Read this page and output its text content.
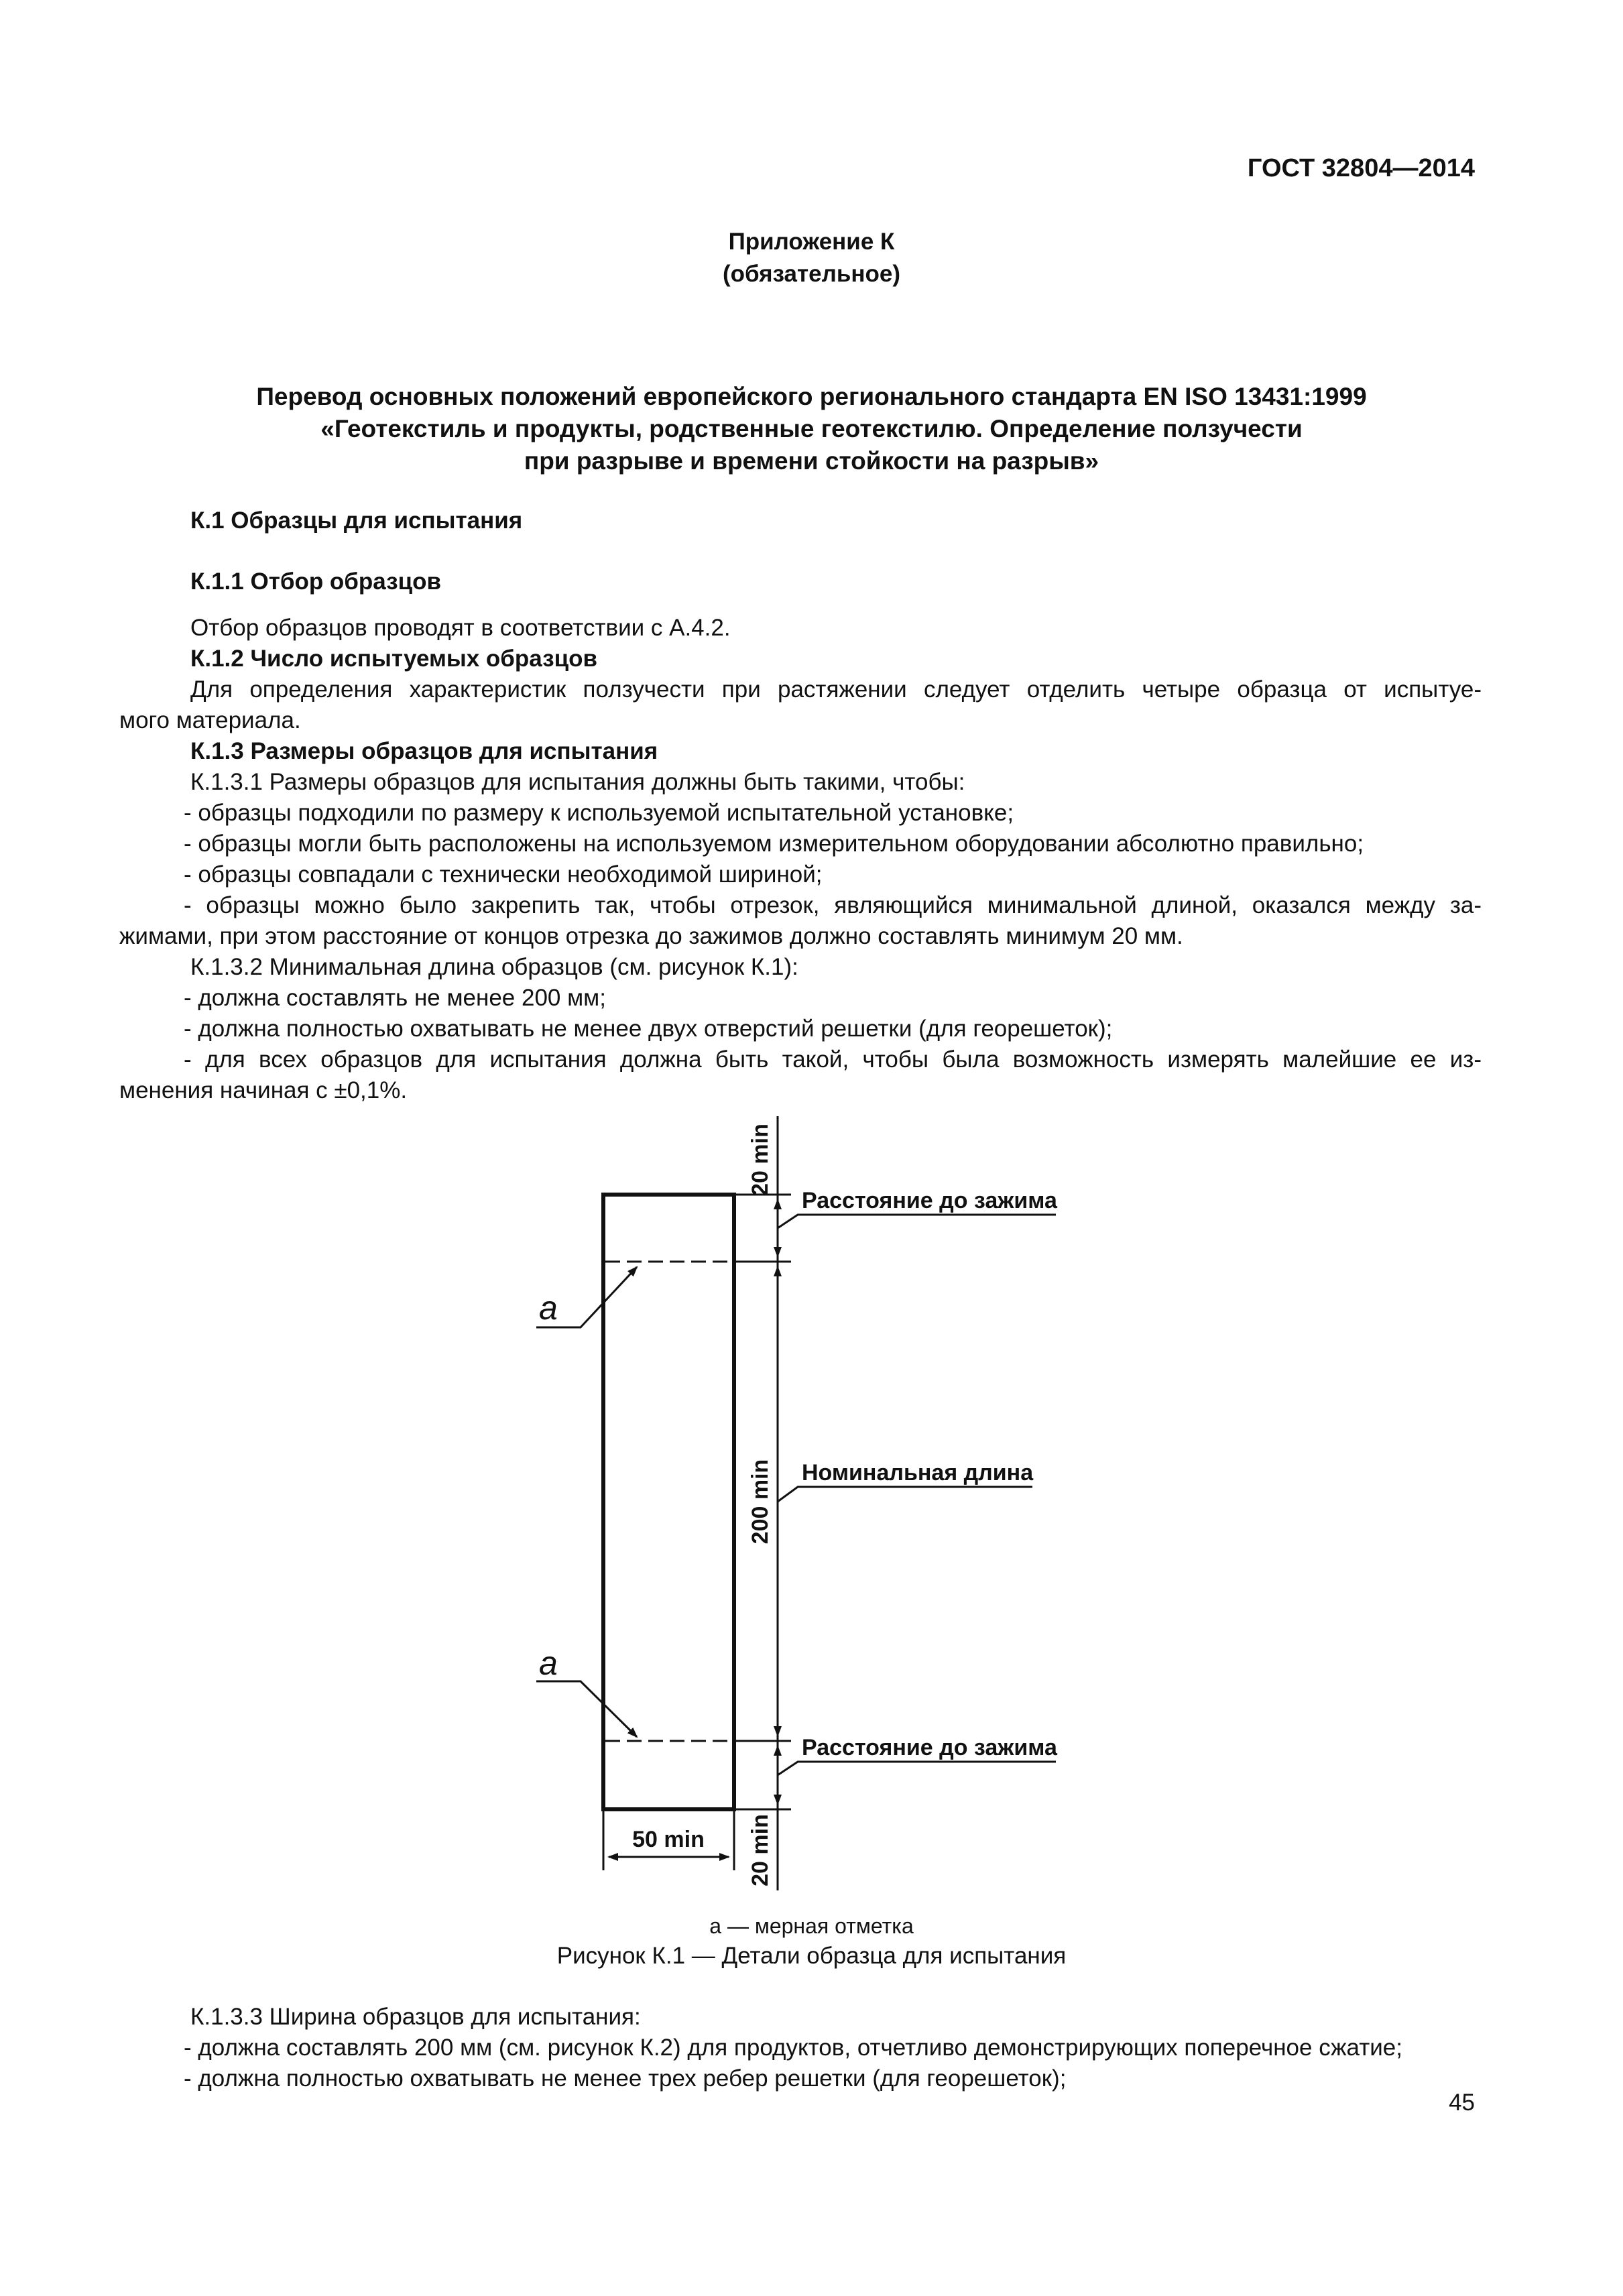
ГОСТ 32804—2014
Приложение К
(обязательное)
Перевод основных положений европейского регионального стандарта EN ISO 13431:1999
«Геотекстиль и продукты, родственные геотекстилю. Определение ползучести
при разрыве и времени стойкости на разрыв»
К.1 Образцы для испытания
К.1.1 Отбор образцов
Отбор образцов проводят в соответствии с А.4.2.
К.1.2 Число испытуемых образцов
Для определения характеристик ползучести при растяжении следует отделить четыре образца от испытуе-
мого материала.
К.1.3 Размеры образцов для испытания
К.1.3.1 Размеры образцов для испытания должны быть такими, чтобы:
- образцы подходили по размеру к используемой испытательной установке;
- образцы могли быть расположены на используемом измерительном оборудовании абсолютно правильно;
- образцы совпадали с технически необходимой шириной;
- образцы можно было закрепить так, чтобы отрезок, являющийся минимальной длиной, оказался между за-
жимами, при этом расстояние от концов отрезка до зажимов должно составлять минимум 20 мм.
К.1.3.2 Минимальная длина образцов (см. рисунок К.1):
- должна составлять не менее 200 мм;
- должна полностью охватывать не менее двух отверстий решетки (для георешеток);
- для всех образцов для испытания должна быть такой, чтобы была возможность измерять малейшие ее из-
менения начиная с ±0,1%.
20 min
200 min
20 min
Расстояние до зажима
Номинальная длина
Расстояние до зажима
a
a
50 min
а — мерная отметка
Рисунок К.1 — Детали образца для испытания
К.1.3.3 Ширина образцов для испытания:
- должна составлять 200 мм (см. рисунок К.2) для продуктов, отчетливо демонстрирующих поперечное сжатие;
- должна полностью охватывать не менее трех ребер решетки (для георешеток);
45
